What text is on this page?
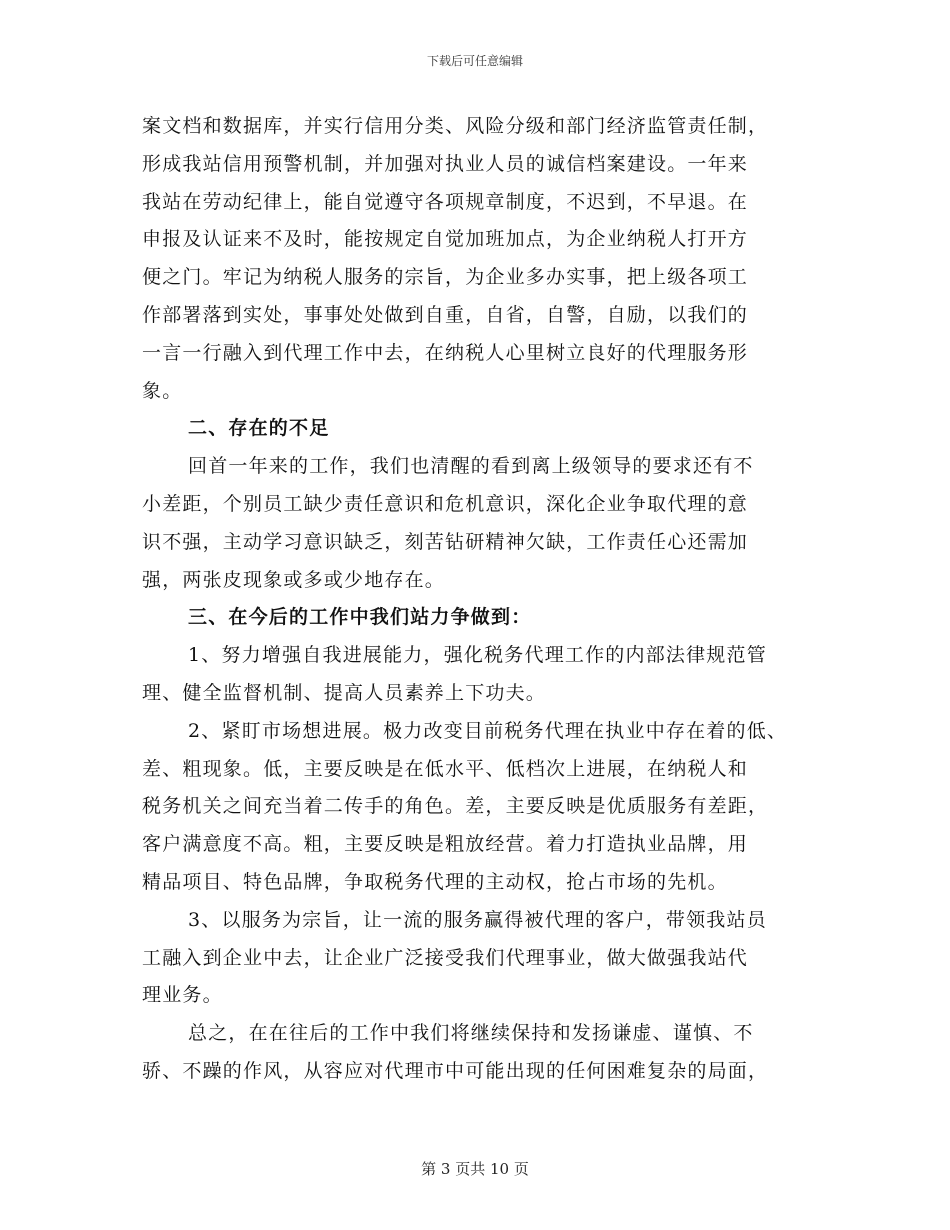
下载后可任意编辑
案文档和数据库，并实行信用分类、风险分级和部门经济监管责任制，
形成我站信用预警机制，并加强对执业人员的诚信档案建设。一年来
我站在劳动纪律上，能自觉遵守各项规章制度，不迟到，不早退。在
申报及认证来不及时，能按规定自觉加班加点，为企业纳税人打开方
便之门。牢记为纳税人服务的宗旨，为企业多办实事，把上级各项工
作部署落到实处，事事处处做到自重，自省，自警，自励，以我们的
一言一行融入到代理工作中去，在纳税人心里树立良好的代理服务形
象。
二、存在的不足
回首一年来的工作，我们也清醒的看到离上级领导的要求还有不
小差距，个别员工缺少责任意识和危机意识，深化企业争取代理的意
识不强，主动学习意识缺乏，刻苦钻研精神欠缺，工作责任心还需加
强，两张皮现象或多或少地存在。
三、在今后的工作中我们站力争做到：
1、努力增强自我进展能力，强化税务代理工作的内部法律规范管
理、健全监督机制、提高人员素养上下功夫。
2、紧盯市场想进展。极力改变目前税务代理在执业中存在着的低、
差、粗现象。低，主要反映是在低水平、低档次上进展，在纳税人和
税务机关之间充当着二传手的角色。差，主要反映是优质服务有差距，
客户满意度不高。粗，主要反映是粗放经营。着力打造执业品牌，用
精品项目、特色品牌，争取税务代理的主动权，抢占市场的先机。
3、以服务为宗旨，让一流的服务赢得被代理的客户，带领我站员
工融入到企业中去，让企业广泛接受我们代理事业，做大做强我站代
理业务。
总之，在在往后的工作中我们将继续保持和发扬谦虚、谨慎、不
骄、不躁的作风，从容应对代理市中可能出现的任何困难复杂的局面，
第 3 页共 10 页
